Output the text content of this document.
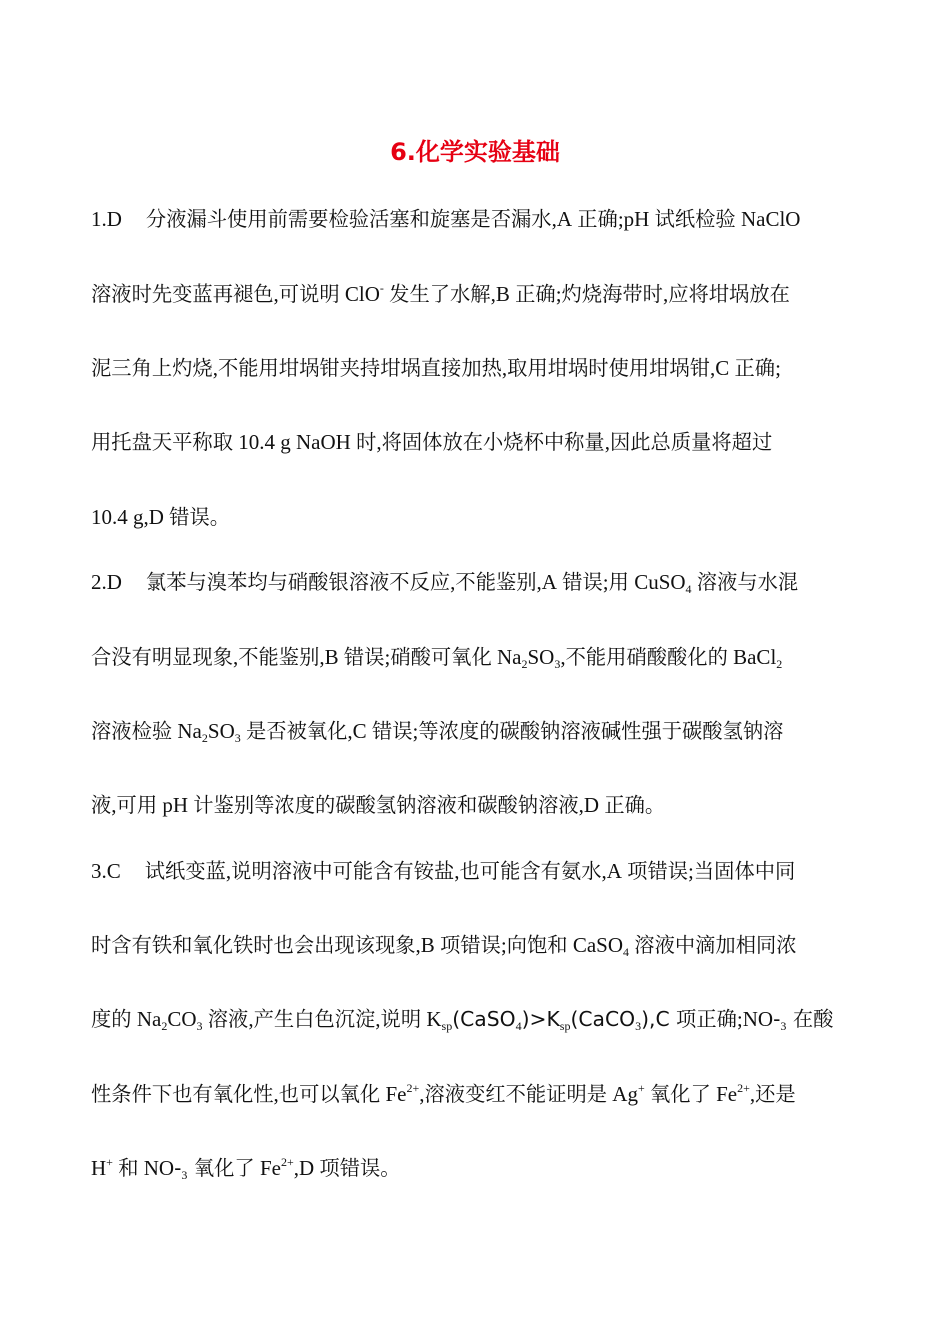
6.化学实验基础
1.D 分液漏斗使用前需要检验活塞和旋塞是否漏水,A 正确;pH 试纸检验 NaClO
溶液时先变蓝再褪色,可说明 ClO- 发生了水解,B 正确;灼烧海带时,应将坩埚放在
泥三角上灼烧,不能用坩埚钳夹持坩埚直接加热,取用坩埚时使用坩埚钳,C 正确;
用托盘天平称取 10.4 g NaOH 时,将固体放在小烧杯中称量,因此总质量将超过
10.4 g,D 错误。
2.D 氯苯与溴苯均与硝酸银溶液不反应,不能鉴别,A 错误;用 CuSO$_4$ 溶液与水混
合没有明显现象,不能鉴别,B 错误;硝酸可氧化 $Na_2SO_3$,不能用硝酸酸化的 BaCl$_2$
溶液检验 $Na_2SO_3$ 是否被氧化,C 错误;等浓度的碳酸钠溶液碱性强于碳酸氢钠溶
液,可用 pH 计鉴别等浓度的碳酸氢钠溶液和碳酸钠溶液,D 正确。
3.C 试纸变蓝,说明溶液中可能含有铵盐,也可能含有氨水,A 项错误;当固体中同
时含有铁和氧化铁时也会出现该现象,B 项错误;向饱和 CaSO$_4$ 溶液中滴加相同浓
度的 $Na_2CO_3$ 溶液,产生白色沉淀,说明 $K_{sp}(CaSO_4)>K_{sp}(CaCO_3),C$ 项正确$;NO-_3$ 在酸
性条件下也有氧化性,也可以氧化 $Fe^{2+}$,溶液变红不能证明是 Ag+ 氧化了 $Fe^{2+}$,还是
H+ 和 $NO-_3$ 氧化了 $Fe^{2+},D$ 项错误。
